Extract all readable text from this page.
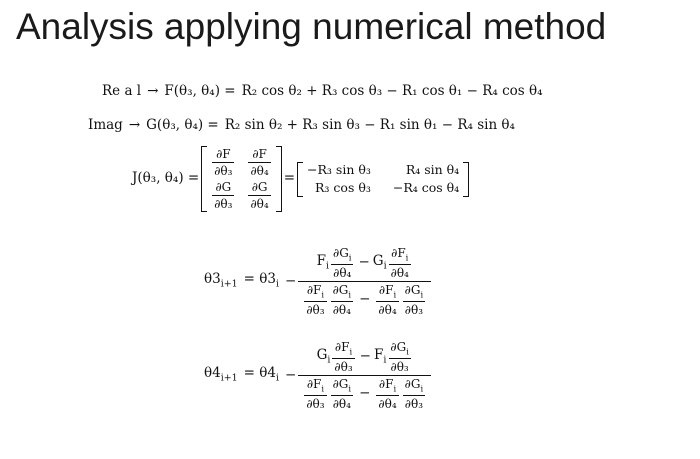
Analysis applying numerical method
Re a l → F(θ₃, θ₄) = R₂ cos θ₂ + R₃ cos θ₃ − R₁ cos θ₁ − R₄ cos θ₄
Imag → G(θ₃, θ₄) = R₂ sin θ₂ + R₃ sin θ₃ − R₁ sin θ₁ − R₄ sin θ₄
J(θ₃, θ₄) =
$\frac{\partial F}{\text{∂θ₃}} \frac{\partial F}{\text{∂θ₄}}$
$\frac{\partial G}{\text{∂θ₃}} \frac{\partial G}{\text{∂θ₄}}$
=
−R₃ sin θ₃	R₄ sin θ₄
R₃ cos θ₃ −R₄ cos θ₄
$\theta 3_{i+1} = \theta 3_i - \frac{F_i \frac{\partial G_i}{\text{∂θ₄}} - G_i \frac{\partial F_i}{\text{∂θ₄}}}{\frac{\partial F_i}{\text{∂θ₃}} \frac{\partial G_i}{\text{∂θ₄}} - \frac{\partial F_i}{\text{∂θ₄}} \frac{\partial G_i}{\text{∂θ₃}}}$
$\theta 4_{i+1} = \theta 4_i - \frac{G_i \frac{\partial F_i}{\text{∂θ₃}} - F_i \frac{\partial G_i}{\text{∂θ₃}}}{\frac{\partial F_i}{\text{∂θ₃}} \frac{\partial G_i}{\text{∂θ₄}} - \frac{\partial F_i}{\text{∂θ₄}} \frac{\partial G_i}{\text{∂θ₃}}}$
